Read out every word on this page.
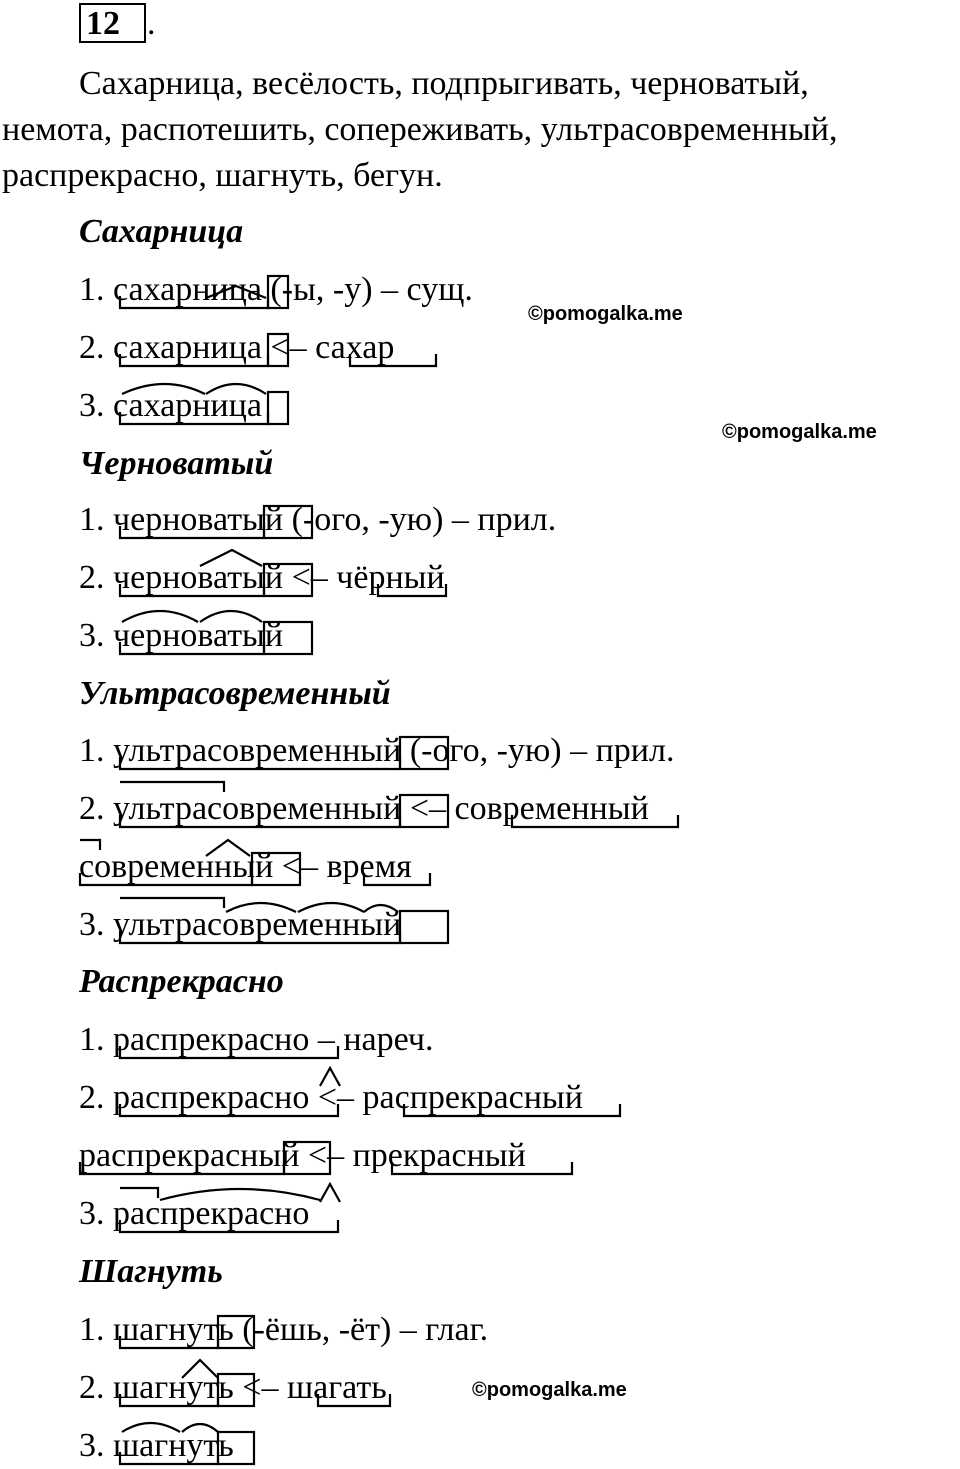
12 .
Сахарница, весёлость, подпрыгивать, черноватый,
немота, распотешить, сопереживать, ультрасовременный,
распрекрасно, шагнуть, бегун.
Сахарница
1. сахарница (-ы, -у) – сущ.
2. сахарница <– сахар
3. сахарница
Черноватый
1. черноватый (-ого, -ую) – прил.
2. черноватый <– чёрный
3. черноватый
Ультрасовременный
1. ультрасовременный (-ого, -ую) – прил.
2. ультрасовременный <– современный
современный <– время
3. ультрасовременный
Распрекрасно
1. распрекрасно – нареч.
2. распрекрасно <– распрекрасный
распрекрасный <– прекрасный
3. распрекрасно
Шагнуть
1. шагнуть (-ёшь, -ёт) – глаг.
2. шагнуть <– шагать
3. шагнуть
©pomogalka.me
©pomogalka.me
©pomogalka.me
